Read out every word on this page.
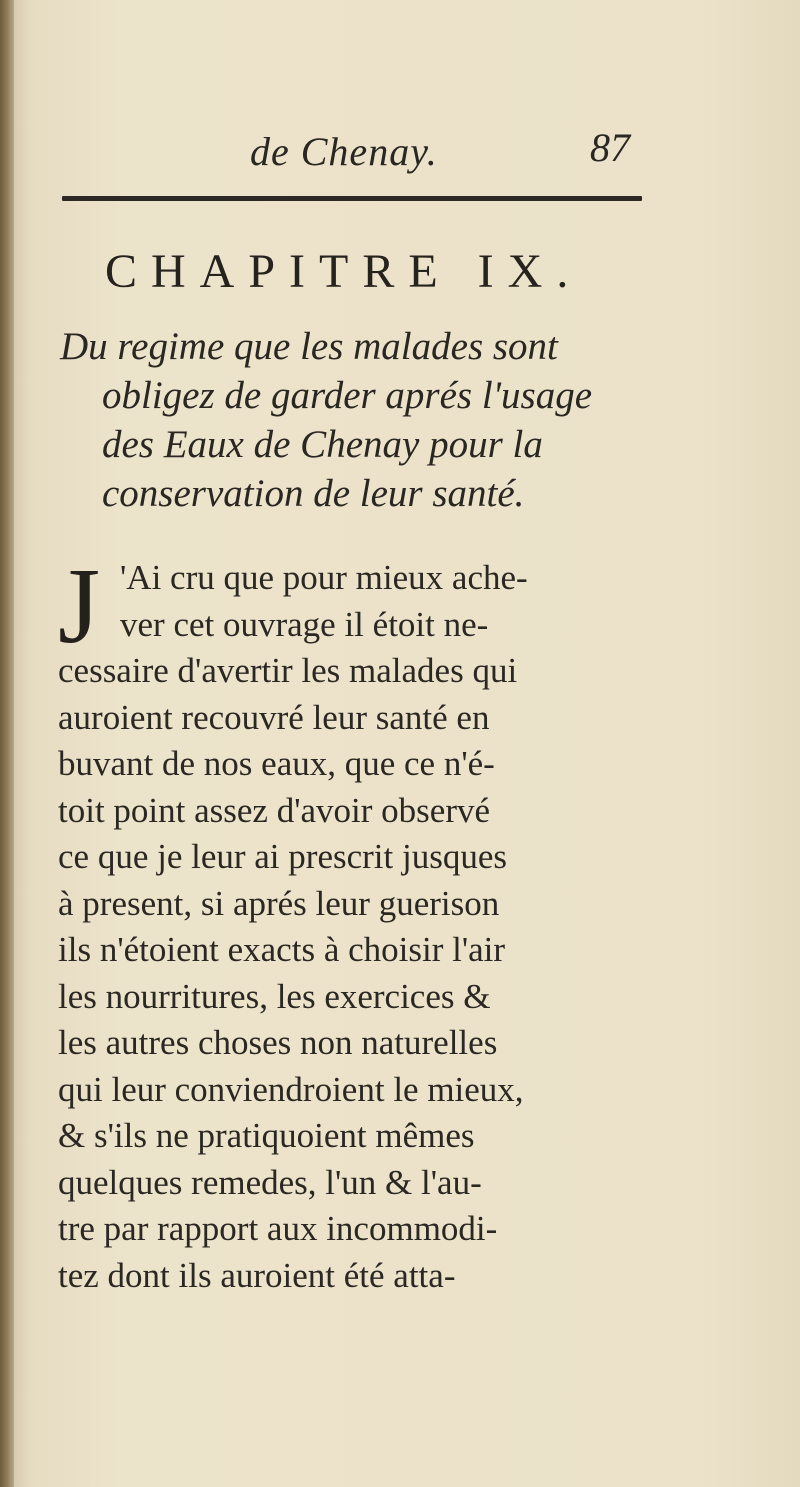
de Chenay.	87
CHAPITRE IX.
Du regime que les malades sont
obligez de garder aprés l'usage
des Eaux de Chenay pour la
conservation de leur santé.
J 'Ai cru que pour mieux ache-
ver cet ouvrage il étoit ne-
cessaire d'avertir les malades qui
auroient recouvré leur santé en
buvant de nos eaux, que ce n'é-
toit point assez d'avoir observé
ce que je leur ai prescrit jusques
à present, si aprés leur guerison
ils n'étoient exacts à choisir l'air
les nourritures, les exercices &
les autres choses non naturelles
qui leur conviendroient le mieux,
& s'ils ne pratiquoient mêmes
quelques remedes, l'un & l'au-
tre par rapport aux incommodi-
tez dont ils auroient été atta-
